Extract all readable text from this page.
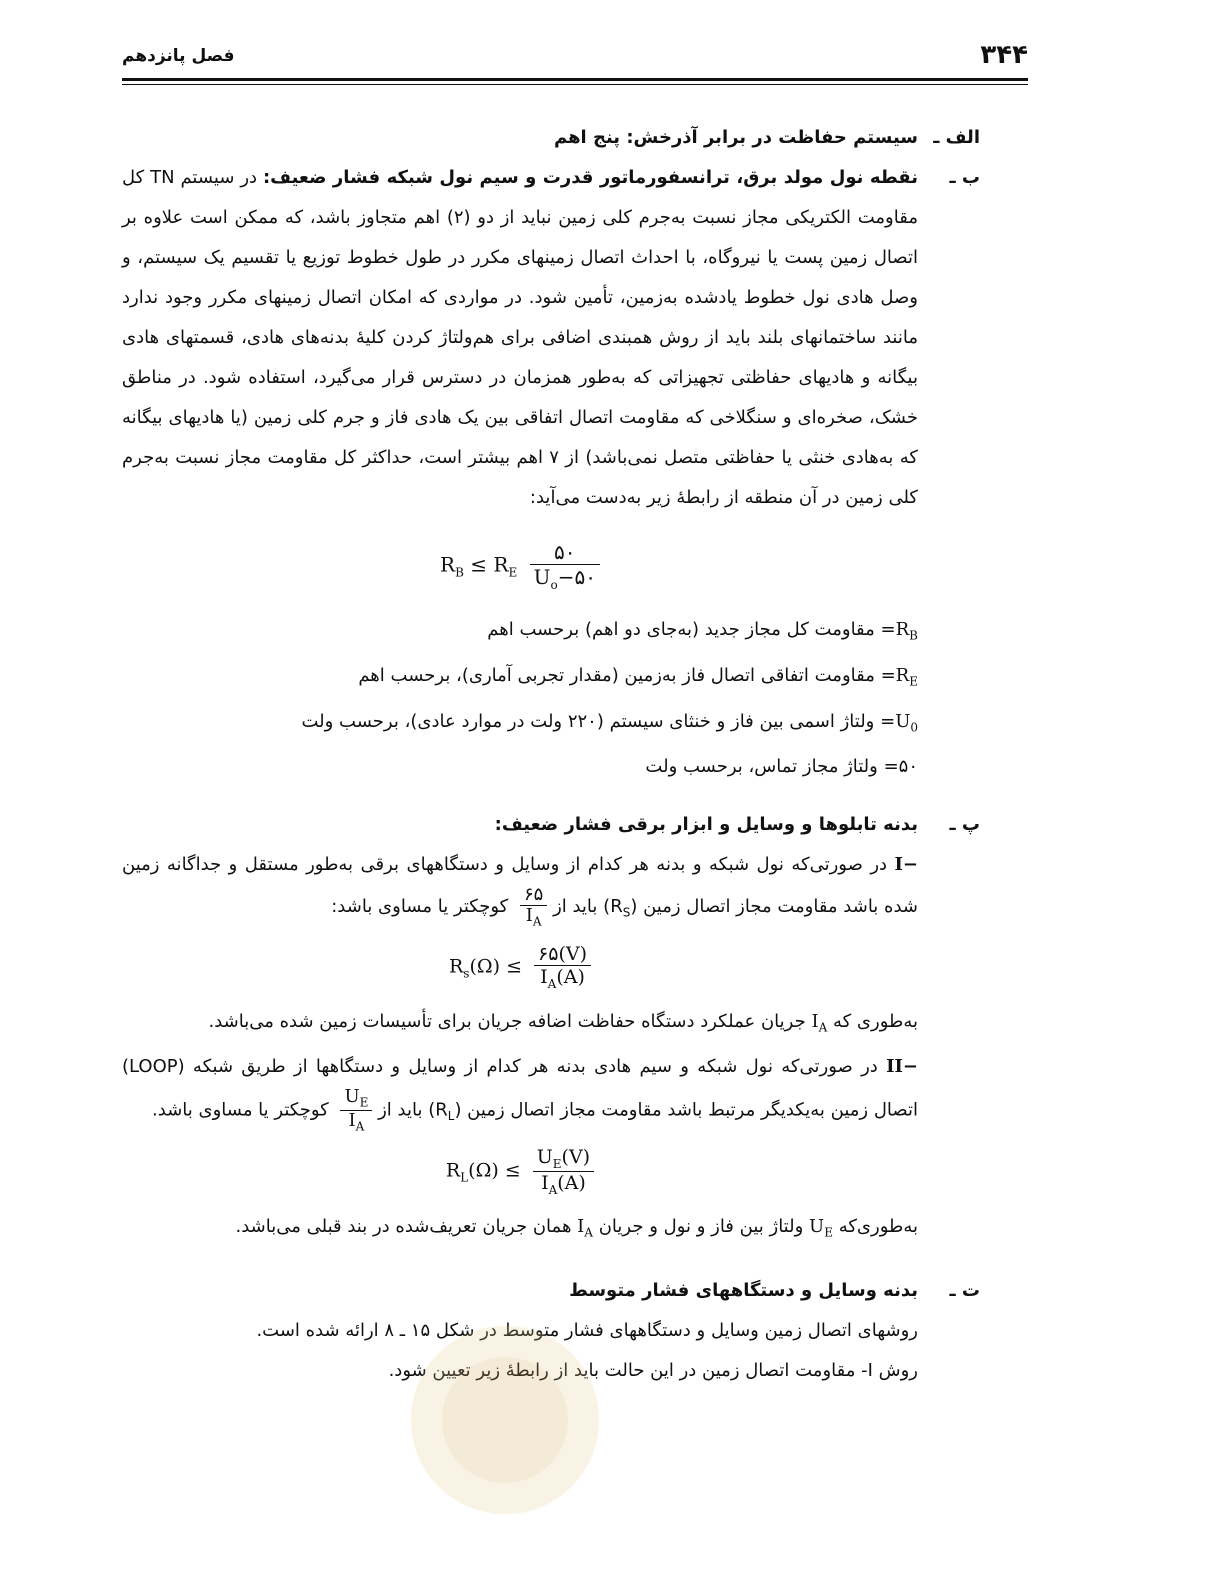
۳۴۴
فصل پانزدهم
الف ـ

سیستم حفاظت در برابر آذرخش: پنج اهم

ب ـ

نقطه نول مولد برق، ترانسفورماتور قدرت و سیم نول شبکه فشار ضعیف: در سیستم TN کل مقاومت الکتریکی مجاز نسبت به‌جرم کلی زمین نباید از دو (۲) اهم متجاوز باشد، که ممکن است علاوه بر اتصال زمین پست یا نیروگاه، با احداث اتصال زمینهای مکرر در طول خطوط توزیع یا تقسیم یک سیستم، و وصل هادی نول خطوط یادشده به‌زمین، تأمین شود. در مواردی که امکان اتصال زمینهای مکرر وجود ندارد مانند ساختمانهای بلند باید از روش همبندی اضافی برای هم‌ولتاژ کردن کلیهٔ بدنه‌های هادی، قسمتهای هادی بیگانه و هادیهای حفاظتی تجهیزاتی که به‌طور همزمان در دسترس قرار می‌گیرد، استفاده شود. در مناطق خشک، صخره‌ای و سنگلاخی که مقاومت اتصال اتفاقی بین یک هادی فاز و جرم کلی زمین (یا هادیهای بیگانه که به‌هادی خنثی یا حفاظتی متصل نمی‌باشد) از ۷ اهم بیشتر است، حداکثر کل مقاومت مجاز نسبت به‌جرم کلی زمین در آن منطقه از رابطهٔ زیر به‌دست می‌آید:

$R_B \le R_E \frac{۵۰}{U_o-۵۰}$

$R_B=$ مقاومت کل مجاز جدید (به‌جای دو اهم) برحسب اهم

$R_E=$ مقاومت اتفاقی اتصال فاز به‌زمین (مقدار تجربی آماری)، برحسب اهم

$U_0=$ ولتاژ اسمی بین فاز و خنثای سیستم (۲۲۰ ولت در موارد عادی)، برحسب ولت

۵۰= ولتاژ مجاز تماس، برحسب ولت

پ ـ

بدنه تابلوها و وسایل و ابزار برقی فشار ضعیف:

I− در صورتی‌که نول شبکه و بدنه هر کدام از وسایل و دستگاههای برقی به‌طور مستقل و جداگانه زمین شده باشد مقاومت مجاز اتصال زمین $(R_S)$ باید از
$\frac{۶۵}{I_A}$
کوچکتر یا مساوی باشد:

$R_s(\Omega) \le \frac{۶۵(V)}{I_A(A)}$

به‌طوری که $I_A$ جریان عملکرد دستگاه حفاظت اضافه جریان برای تأسیسات زمین شده می‌باشد.

II− در صورتی‌که نول شبکه و سیم هادی بدنه هر کدام از وسایل و دستگاهها از طریق شبکه (LOOP) اتصال زمین به‌یکدیگر مرتبط باشد مقاومت مجاز اتصال زمین $(R_L)$ باید از
$\frac{U_E}{I_A}$
کوچکتر یا مساوی باشد.

$R_L(\Omega) \le \frac{U_E(V)}{I_A(A)}$

به‌طوری‌که $U_E$ ولتاژ بین فاز و نول و جریان $I_A$ همان جریان تعریف‌شده در بند قبلی می‌باشد.

ت ـ

بدنه وسایل و دستگاههای فشار متوسط

روشهای اتصال زمین وسایل و دستگاههای فشار متوسط در شکل ۱۵ ـ ۸ ارائه شده است.

روش I- مقاومت اتصال زمین در این حالت باید از رابطهٔ زیر تعیین شود.
